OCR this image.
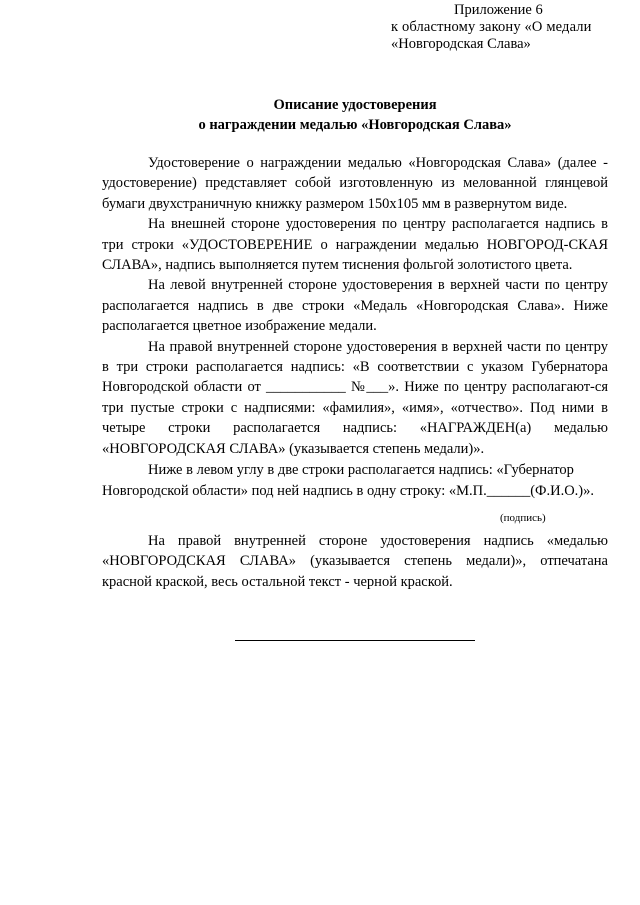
Приложение 6
к областному закону «О медали
«Новгородская Слава»
Описание удостоверения
о награждении медалью «Новгородская Слава»

Удостоверение о награждении медалью «Новгородская Слава» (далее - удостоверение) представляет собой изготовленную из мелованной глянцевой бумаги двухстраничную книжку размером 150х105 мм в развернутом виде.

На внешней стороне удостоверения по центру располагается надпись в три строки «УДОСТОВЕРЕНИЕ о награждении медалью НОВГОРОД-СКАЯ СЛАВА», надпись выполняется путем тиснения фольгой золотистого цвета.

На левой внутренней стороне удостоверения в верхней части по центру располагается надпись в две строки «Медаль «Новгородская Слава». Ниже располагается цветное изображение медали.

На правой внутренней стороне удостоверения в верхней части по центру в три строки располагается надпись: «В соответствии с указом Губернатора Новгородской области от ___________ №___». Ниже по центру располагают-ся три пустые строки с надписями: «фамилия», «имя», «отчество». Под ними в четыре строки располагается надпись: «НАГРАЖДЕН(а) медалью «НОВГОРОДСКАЯ СЛАВА» (указывается степень медали)».

Ниже в левом углу в две строки располагается надпись: «Губернатор

Новгородской области» под ней надпись в одну строку: «М.П.______(Ф.И.О.)».

(подпись)

На правой внутренней стороне удостоверения надпись «медалью «НОВГОРОДСКАЯ СЛАВА» (указывается степень медали)», отпечатана красной краской, весь остальной текст - черной краской.
